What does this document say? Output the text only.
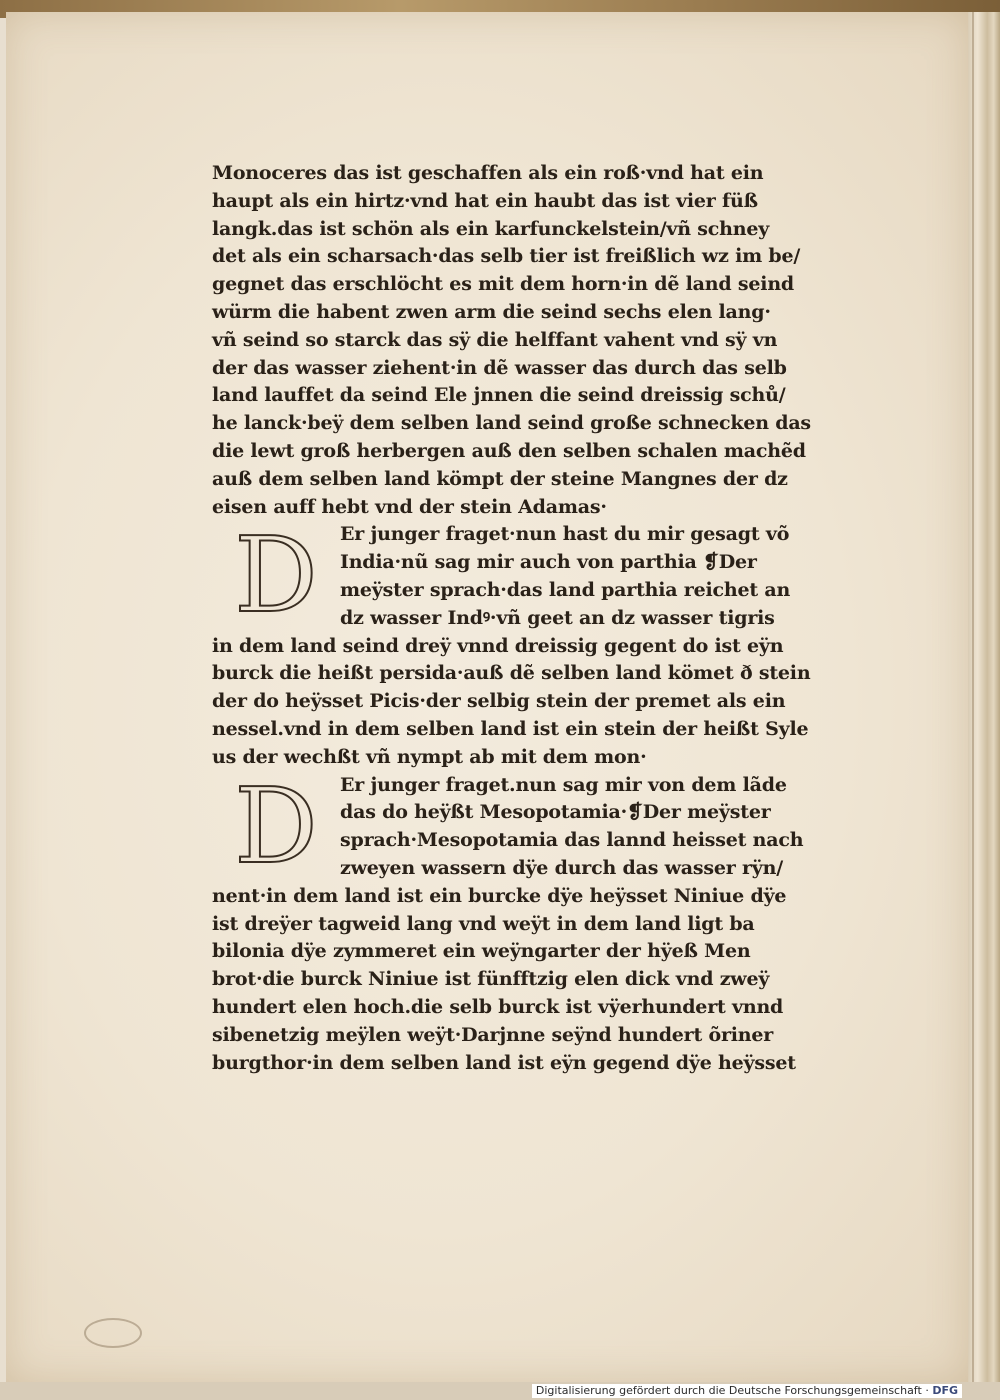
Monoceres das ist geschaffen als ein roß·vnd hat ein
haupt als ein hirtz·vnd hat ein haubt das ist vier füß
langk.das ist schön als ein karfunckelstein/vñ schney
det als ein scharsach·das selb tier ist freißlich wz im be/
gegnet das erschlöcht es mit dem horn·in dẽ land seind
würm die habent zwen arm die seind sechs elen lang·
vñ seind so starck das sÿ die helffant vahent vnd sÿ vn
der das wasser ziehent·in dẽ wasser das durch das selb
land lauffet da seind Ele jnnen die seind dreissig schů/
he lanck·beÿ dem selben land seind große schnecken das
die lewt groß herbergen auß den selben schalen machẽd
auß dem selben land kömpt der steine Mangnes der dz
eisen auff hebt vnd der stein Adamas·
D	Er junger fraget·nun hast du mir gesagt võ
India·nũ sag mir auch von parthia ❡Der
meÿster sprach·das land parthia reichet an
dz wasser Indꝰ·vñ geet an dz wasser tigris
in dem land seind dreÿ vnnd dreissig gegent do ist eÿn
burck die heißt persida·auß dẽ selben land kömet ð stein
der do heÿsset Picis·der selbig stein der premet als ein
nessel.vnd in dem selben land ist ein stein der heißt Syle
us der wechßt vñ nympt ab mit dem mon·
D	Er junger fraget.nun sag mir von dem lãde
das do heÿßt Mesopotamia·❡Der meÿster
sprach·Mesopotamia das lannd heisset nach
zweyen wassern dÿe durch das wasser rÿn/
nent·in dem land ist ein burcke dÿe heÿsset Niniue dÿe
ist dreÿer tagweid lang vnd weÿt in dem land ligt ba
bilonia dÿe zymmeret ein weÿngarter der hÿeß Men
brot·die burck Niniue ist fünfftzig elen dick vnd zweÿ
hundert elen hoch.die selb burck ist vÿerhundert vnnd
sibenetzig meÿlen weÿt·Darjnne seÿnd hundert õriner
burgthor·in dem selben land ist eÿn gegend dÿe heÿsset
Digitalisierung gefördert durch die Deutsche Forschungsgemeinschaft · DFG
